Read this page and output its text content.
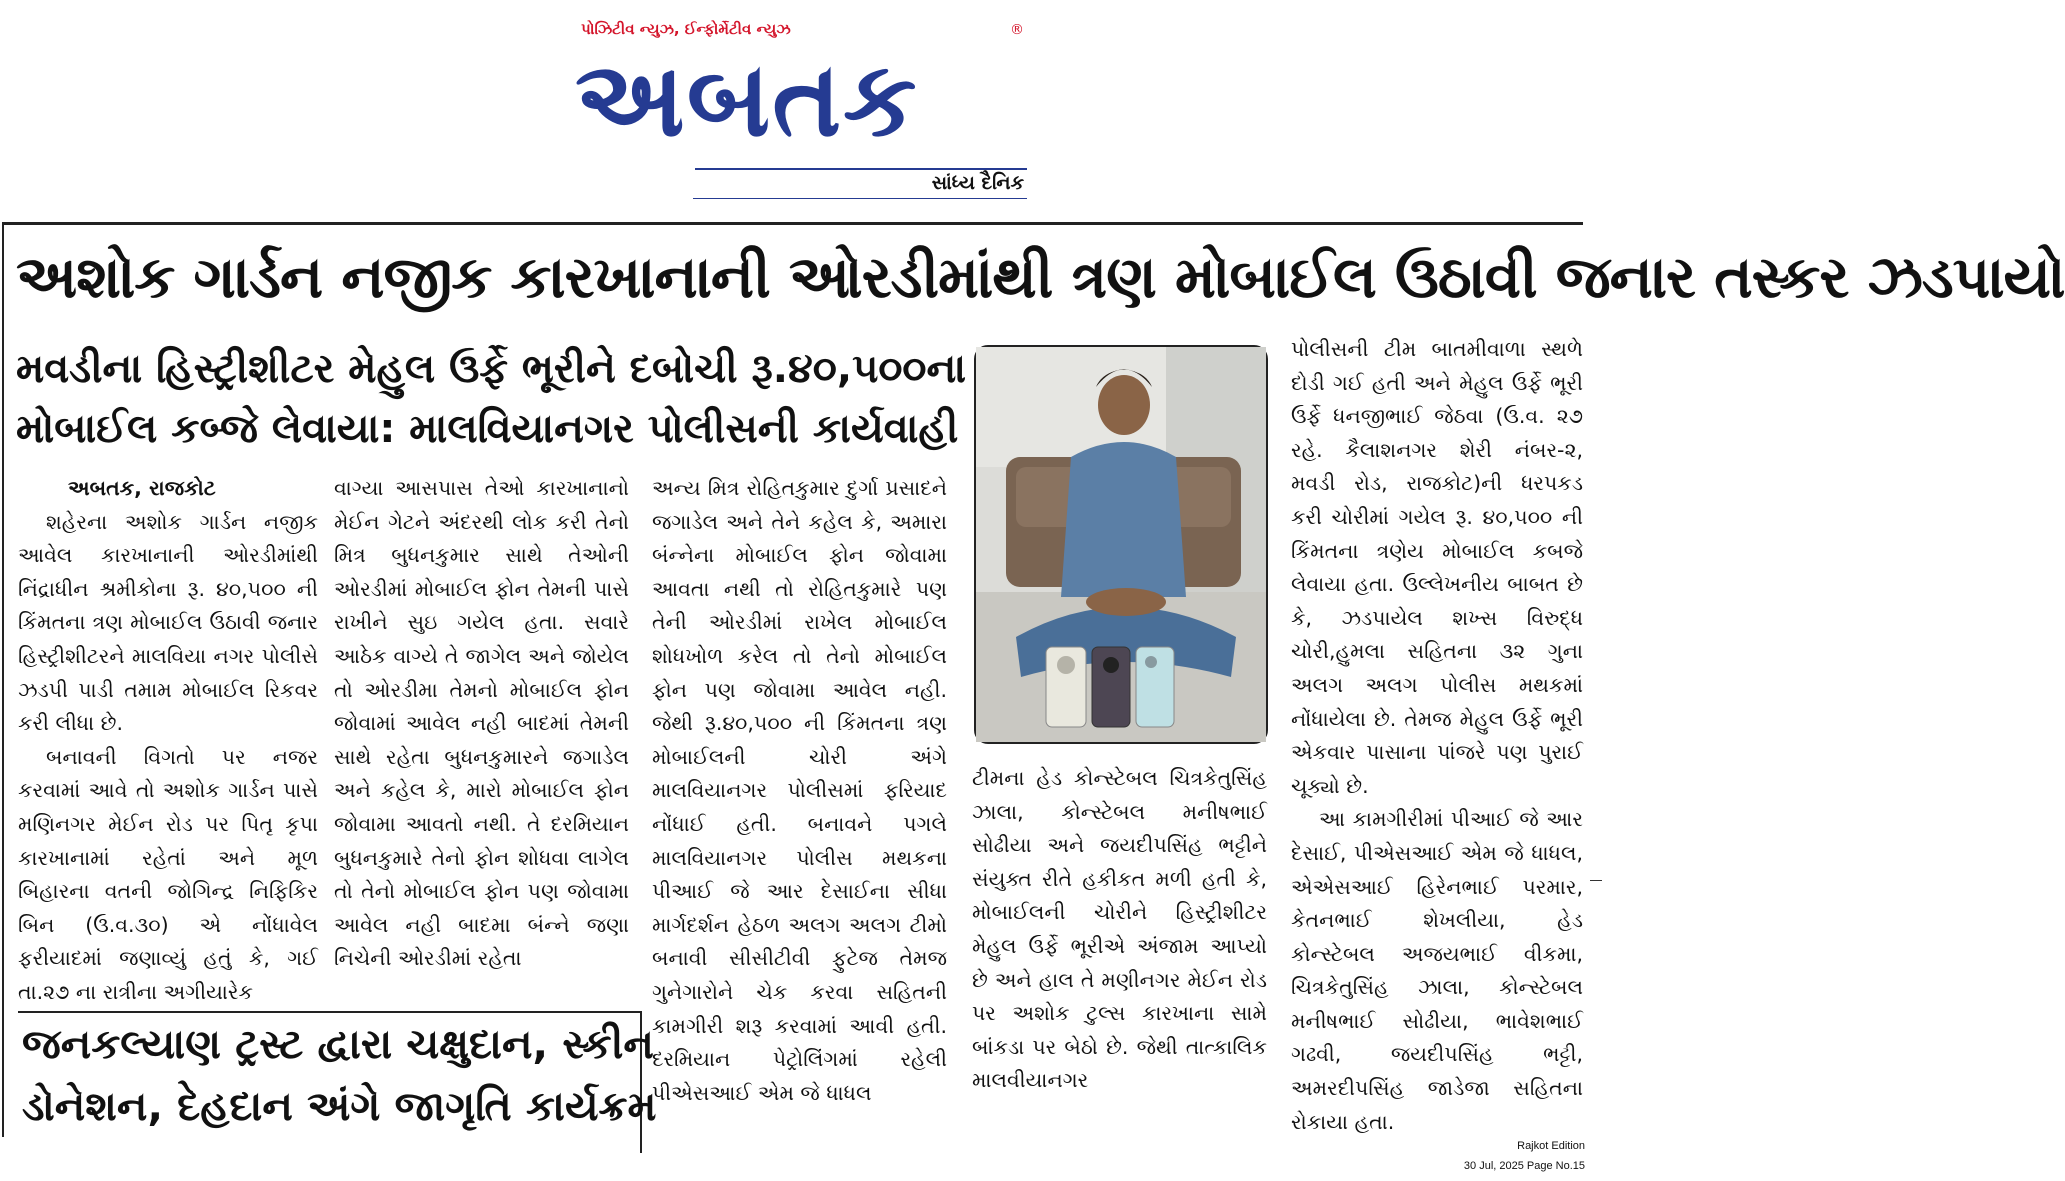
પોઝિટીવ ન્યુઝ, ઈન્ફોર્મેટીવ ન્યુઝ	®
અબતક
સાંધ્ય દૈનિક
અશોક ગાર્ડન નજીક કારખાનાની ઓરડીમાંથી ત્રણ મોબાઈલ ઉઠાવી જનાર તસ્કર ઝડપાયો
મવડીના હિસ્ટ્રીશીટર મેહુલ ઉર્ફે ભૂરીને દબોચી રૂ.૪૦,૫૦૦ના
મોબાઈલ કબ્જે લેવાયા: માલવિયાનગર પોલીસની કાર્યવાહી

અબતક, રાજકોટ

શહેરના અશોક ગાર્ડન નજીક આવેલ કારખાનાની ઓરડીમાંથી નિંદ્રાધીન શ્રમીકોના રૂ. ૪૦,૫૦૦ ની કિંમતના ત્રણ મોબાઈલ ઉઠાવી જનાર હિસ્ટ્રીશીટરને માલવિયા નગર પોલીસે ઝડપી પાડી તમામ મોબાઈલ રિકવર કરી લીધા છે.

બનાવની વિગતો પર નજર કરવામાં આવે તો અશોક ગાર્ડન પાસે મણિનગર મેઈન રોડ પર પિતૃ કૃપા કારખાનામાં રહેતાં અને મૂળ બિહારના વતની જોગિન્દ્ર નિફિકિર બિન (ઉ.વ.૩૦) એ નોંધાવેલ ફરીયાદમાં જણાવ્યું હતું કે, ગઈ તા.૨૭ ના રાત્રીના અગીયારેક

વાગ્યા આસપાસ તેઓ કારખાનાનો મેઈન ગેટને અંદરથી લોક કરી તેનો મિત્ર બુધનકુમાર સાથે તેઓની ઓરડીમાં મોબાઈલ ફોન તેમની પાસે રાખીને સુઇ ગયેલ હતા. સવારે આઠેક વાગ્યે તે જાગેલ અને જોયેલ તો ઓરડીમા તેમનો મોબાઈલ ફોન જોવામાં આવેલ નહી બાદમાં તેમની સાથે રહેતા બુધનકુમારને જગાડેલ અને કહેલ કે, મારો મોબાઈલ ફોન જોવામા આવતો નથી. તે દરમિયાન બુધનકુમારે તેનો ફોન શોધવા લાગેલ તો તેનો મોબાઈલ ફોન પણ જોવામા આવેલ નહી બાદમા બંન્ને જણા નિચેની ઓરડીમાં રહેતા

અન્ય મિત્ર રોહિતકુમાર દુર્ગા પ્રસાદને જગાડેલ અને તેને કહેલ કે, અમારા બંન્નેના મોબાઈલ ફોન જોવામા આવતા નથી તો રોહિતકુમારે પણ તેની ઓરડીમાં રાખેલ મોબાઈલ શોધખોળ કરેલ તો તેનો મોબાઈલ ફોન પણ જોવામા આવેલ નહી. જેથી રૂ.૪૦,૫૦૦ ની કિંમતના ત્રણ મોબાઈલની ચોરી અંગે માલવિયાનગર પોલીસમાં ફરિયાદ નોંધાઈ હતી. બનાવને પગલે માલવિયાનગર પોલીસ મથકના પીઆઈ જે આર દેસાઈના સીધા માર્ગદર્શન હેઠળ અલગ અલગ ટીમો બનાવી સીસીટીવી ફુટેજ તેમજ ગુનેગારોને ચેક કરવા સહિતની કામગીરી શરૂ કરવામાં આવી હતી. દરમિયાન પેટ્રોલિંગમાં રહેલી પીએસઆઈ એમ જે ધાધલ

ટીમના હેડ કોન્સ્ટેબલ ચિત્રકેતુસિંહ ઝાલા, કોન્સ્ટેબલ મનીષભાઈ સોઢીયા અને જયદીપસિંહ ભટ્ટીને સંયુક્ત રીતે હકીકત મળી હતી કે, મોબાઈલની ચોરીને હિસ્ટ્રીશીટર મેહુલ ઉર્ફે ભૂરીએ અંજામ આપ્યો છે અને હાલ તે મણીનગર મેઈન રોડ પર અશોક ટુલ્સ કારખાના સામે બાંકડા પર બેઠો છે. જેથી તાત્કાલિક માલવીયાનગર

પોલીસની ટીમ બાતમીવાળા સ્થળે દોડી ગઈ હતી અને મેહુલ ઉર્ફે ભૂરી ઉર્ફે ધનજીભાઈ જેઠવા (ઉ.વ. ૨૭ રહે. કૈલાશનગર શેરી નંબર-૨, મવડી રોડ, રાજકોટ)ની ધરપકડ કરી ચોરીમાં ગયેલ રૂ. ૪૦,૫૦૦ ની કિંમતના ત્રણેય મોબાઈલ કબજે લેવાયા હતા. ઉલ્લેખનીય બાબત છે કે, ઝડપાયેલ શખ્સ વિરુદ્ધ ચોરી,હુમલા સહિતના ૩૨ ગુના અલગ અલગ પોલીસ મથકમાં નોંધાયેલા છે. તેમજ મેહુલ ઉર્ફે ભૂરી એકવાર પાસાના પાંજરે પણ પુરાઈ ચૂક્યો છે.

આ કામગીરીમાં પીઆઈ જે આર દેસાઈ, પીએસઆઈ એમ જે ધાધલ, એએસઆઈ હિરેનભાઈ પરમાર, કેતનભાઈ શેખલીયા, હેડ કોન્સ્ટેબલ અજયભાઈ વીકમા, ચિત્રકેતુસિંહ ઝાલા, કોન્સ્ટેબલ મનીષભાઈ સોઢીયા, ભાવેશભાઈ ગઢવી, જયદીપસિંહ ભટ્ટી, અમરદીપસિંહ જાડેજા સહિતના રોકાયા હતા.

જનકલ્યાણ ટ્રસ્ટ દ્વારા ચક્ષુદાન, સ્કીન
ડોનેશન, દેહદાન અંગે જાગૃતિ કાર્યક્રમ
Rajkot Edition
30 Jul, 2025 Page No.15
